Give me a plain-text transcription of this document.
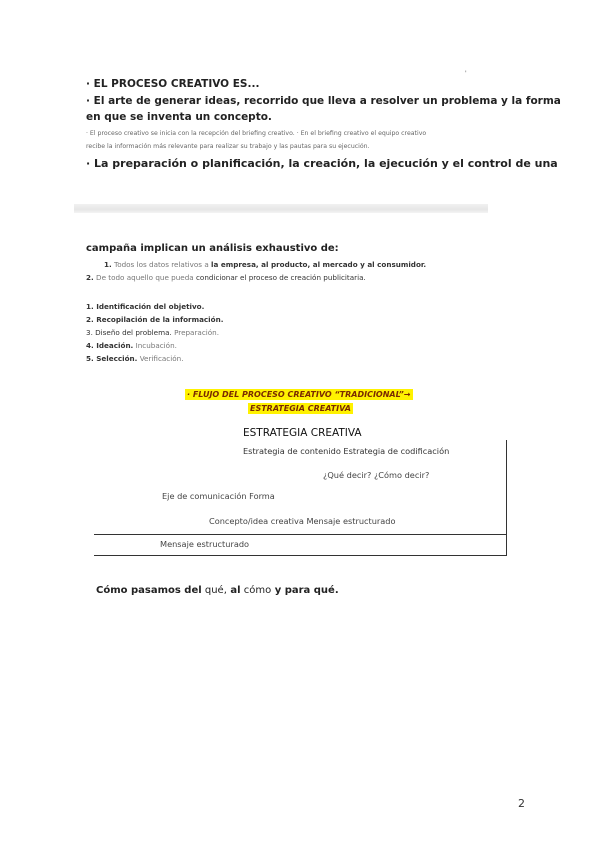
'
· EL PROCESO CREATIVO ES...
· El arte de generar ideas, recorrido que lleva a resolver un problema y la forma
en que se inventa un concepto.
· El proceso creativo se inicia con la recepción del briefing creativo. · En el briefing creativo el equipo creativo
recibe la información más relevante para realizar su trabajo y las pautas para su ejecución.
· La preparación o planificación, la creación, la ejecución y el control de una
campaña implican un análisis exhaustivo de:
1. Todos los datos relativos a la empresa, al producto, al mercado y al consumidor.
2. De todo aquello que pueda condicionar el proceso de creación publicitaria.
1. Identificación del objetivo.
2. Recopilación de la información.
3. Diseño del problema. Preparación.
4. Ideación. Incubación.
5. Selección. Verificación.
· FLUJO DEL PROCESO CREATIVO “TRADICIONAL”→
ESTRATEGIA CREATIVA
ESTRATEGIA CREATIVA
Estrategia de contenido Estrategia de codificación
¿Qué decir? ¿Cómo decir?
Eje de comunicación Forma
Concepto/idea creativa Mensaje estructurado
Mensaje estructurado
Cómo pasamos del qué, al cómo y para qué.
2
